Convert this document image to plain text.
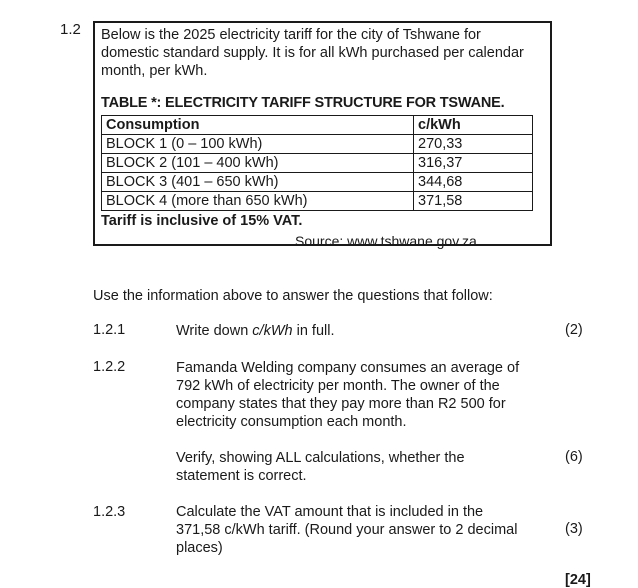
1.2 Below is the 2025 electricity tariff for the city of Tshwane for domestic standard supply. It is for all kWh purchased per calendar month, per kWh.
TABLE *: ELECTRICITY TARIFF STRUCTURE FOR TSWANE.
Consumption	c/kWh
BLOCK 1 (0 – 100 kWh)	270,33
BLOCK 2 (101 – 400 kWh)	316,37
BLOCK 3 (401 – 650 kWh)	344,68
BLOCK 4 (more than 650 kWh)	371,58
Tariff is inclusive of 15% VAT.
Source: www.tshwane.gov.za
Use the information above to answer the questions that follow:
1.2.1	Write down c/kWh in full.	(2)
1.2.2	Famanda Welding company consumes an average of 792 kWh of electricity per month. The owner of the company states that they pay more than R2 500 for electricity consumption each month.
Verify, showing ALL calculations, whether the statement is correct.
(6)
1.2.3	Calculate the VAT amount that is included in the 371,58 c/kWh tariff. (Round your answer to 2 decimal places)
(3)
[24]
